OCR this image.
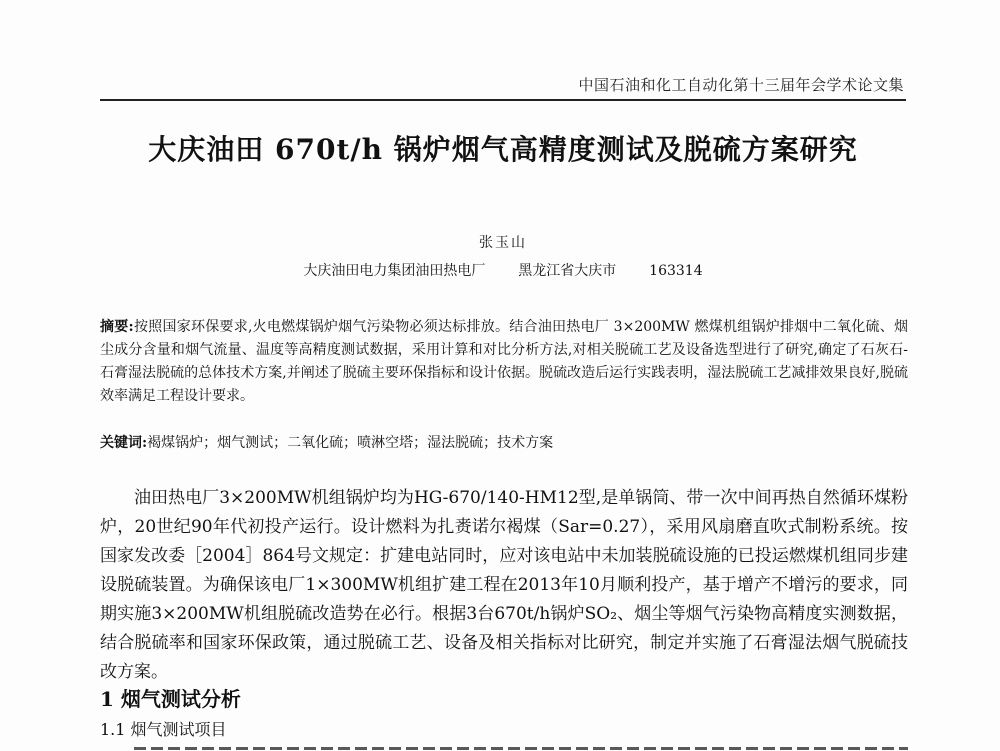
中国石油和化工自动化第十三届年会学术论文集
大庆油田 670t/h 锅炉烟气高精度测试及脱硫方案研究
张玉山
大庆油田电力集团油田热电厂 黑龙江省大庆市 163314
摘要:按照国家环保要求,火电燃煤锅炉烟气污染物必须达标排放。结合油田热电厂 3×200MW 燃煤机组锅炉排烟中二氧化硫、烟尘成分含量和烟气流量、温度等高精度测试数据，采用计算和对比分析方法,对相关脱硫工艺及设备选型进行了研究,确定了石灰石-石膏湿法脱硫的总体技术方案,并阐述了脱硫主要环保指标和设计依据。脱硫改造后运行实践表明，湿法脱硫工艺减排效果良好,脱硫效率满足工程设计要求。
关键词:褐煤锅炉；烟气测试；二氧化硫；喷淋空塔；湿法脱硫；技术方案
油田热电厂3×200MW机组锅炉均为HG-670/140-HM12型,是单锅筒、带一次中间再热自然循环煤粉炉，20世纪90年代初投产运行。设计燃料为扎赉诺尔褐煤（Sar=0.27），采用风扇磨直吹式制粉系统。按国家发改委［2004］864号文规定：扩建电站同时，应对该电站中未加装脱硫设施的已投运燃煤机组同步建设脱硫装置。为确保该电厂1×300MW机组扩建工程在2013年10月顺利投产，基于增产不增污的要求，同期实施3×200MW机组脱硫改造势在必行。根据3台670t/h锅炉SO₂、烟尘等烟气污染物高精度实测数据，结合脱硫率和国家环保政策，通过脱硫工艺、设备及相关指标对比研究，制定并实施了石膏湿法烟气脱硫技改方案。
1 烟气测试分析
1.1 烟气测试项目
